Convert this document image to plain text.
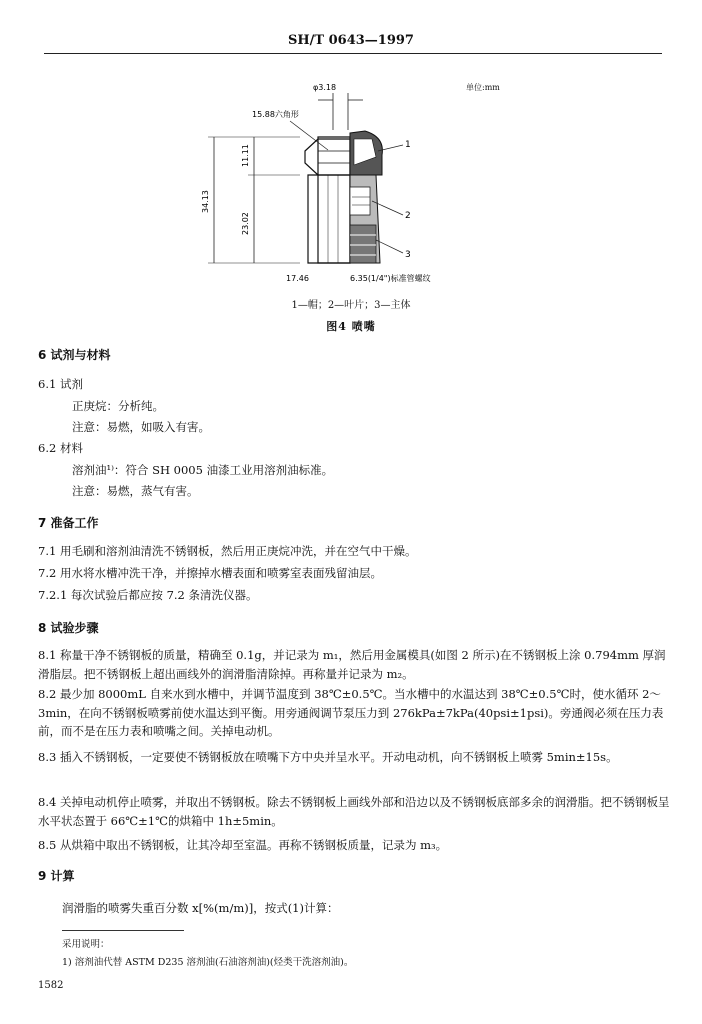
SH/T 0643—1997
φ3.18
15.88六角形
34.13
11.11
23.02
1
2
3
17.46	6.35(1/4")标准管螺纹
单位:mm
1—帽；2—叶片；3—主体
图4 喷嘴
6 试剂与材料
6.1 试剂
正庚烷：分析纯。
注意：易燃，如吸入有害。
6.2 材料
溶剂油¹⁾：符合 SH 0005 油漆工业用溶剂油标准。
注意：易燃，蒸气有害。
7 准备工作
7.1 用毛刷和溶剂油清洗不锈钢板，然后用正庚烷冲洗，并在空气中干燥。
7.2 用水将水槽冲洗干净，并擦掉水槽表面和喷雾室表面残留油层。
7.2.1 每次试验后都应按 7.2 条清洗仪器。
8 试验步骤
8.1 称量干净不锈钢板的质量，精确至 0.1g，并记录为 m₁，然后用金属模具(如图 2 所示)在不锈钢板上涂 0.794mm 厚润滑脂层。把不锈钢板上超出画线外的润滑脂清除掉。再称量并记录为 m₂。
8.2 最少加 8000mL 自来水到水槽中，并调节温度到 38℃±0.5℃。当水槽中的水温达到 38℃±0.5℃时，使水循环 2～3min，在向不锈钢板喷雾前使水温达到平衡。用旁通阀调节泵压力到 276kPa±7kPa(40psi±1psi)。旁通阀必须在压力表前，而不是在压力表和喷嘴之间。关掉电动机。
8.3 插入不锈钢板，一定要使不锈钢板放在喷嘴下方中央并呈水平。开动电动机，向不锈钢板上喷雾 5min±15s。
8.4 关掉电动机停止喷雾，并取出不锈钢板。除去不锈钢板上画线外部和沿边以及不锈钢板底部多余的润滑脂。把不锈钢板呈水平状态置于 66℃±1℃的烘箱中 1h±5min。
8.5 从烘箱中取出不锈钢板，让其冷却至室温。再称不锈钢板质量，记录为 m₃。
9 计算
润滑脂的喷雾失重百分数 x[%(m/m)]，按式(1)计算：
采用说明：
1) 溶剂油代替 ASTM D235 溶剂油(石油溶剂油)(烃类干洗溶剂油)。
1582
